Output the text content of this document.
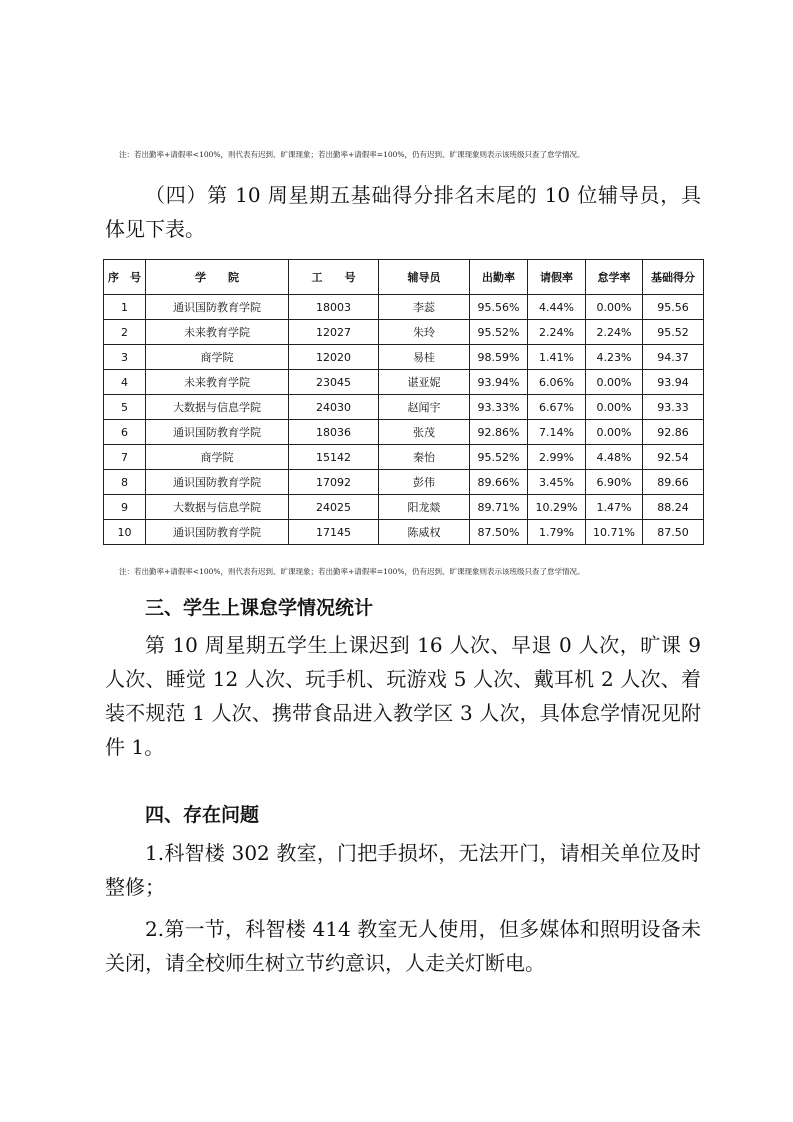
注：若出勤率+请假率<100%，则代表有迟到、旷课现象；若出勤率+请假率=100%，仍有迟到、旷课现象则表示该班级只查了怠学情况。
（四）第 10 周星期五基础得分排名末尾的 10 位辅导员，具体见下表。
序　号	学　　院	工　　号	辅导员	出勤率	请假率	怠学率	基础得分
1	通识国防教育学院	18003	李蕊	95.56%	4.44%	0.00%	95.56
2	未来教育学院	12027	朱玲	95.52%	2.24%	2.24%	95.52
3	商学院	12020	易桂	98.59%	1.41%	4.23%	94.37
4	未来教育学院	23045	谌亚妮	93.94%	6.06%	0.00%	93.94
5	大数据与信息学院	24030	赵闻宇	93.33%	6.67%	0.00%	93.33
6	通识国防教育学院	18036	张茂	92.86%	7.14%	0.00%	92.86
7	商学院	15142	秦怡	95.52%	2.99%	4.48%	92.54
8	通识国防教育学院	17092	彭伟	89.66%	3.45%	6.90%	89.66
9	大数据与信息学院	24025	阳龙燚	89.71%	10.29%	1.47%	88.24
10	通识国防教育学院	17145	陈威权	87.50%	1.79%	10.71%	87.50
注：若出勤率+请假率<100%，则代表有迟到、旷课现象；若出勤率+请假率=100%，仍有迟到、旷课现象则表示该班级只查了怠学情况。
三、学生上课怠学情况统计
第 10 周星期五学生上课迟到 16 人次、早退 0 人次，旷课 9 人次、睡觉 12 人次、玩手机、玩游戏 5 人次、戴耳机 2 人次、着装不规范 1 人次、携带食品进入教学区 3 人次，具体怠学情况见附件 1。
四、存在问题
1.科智楼 302 教室，门把手损坏，无法开门，请相关单位及时整修；
2.第一节，科智楼 414 教室无人使用，但多媒体和照明设备未关闭，请全校师生树立节约意识，人走关灯断电。
